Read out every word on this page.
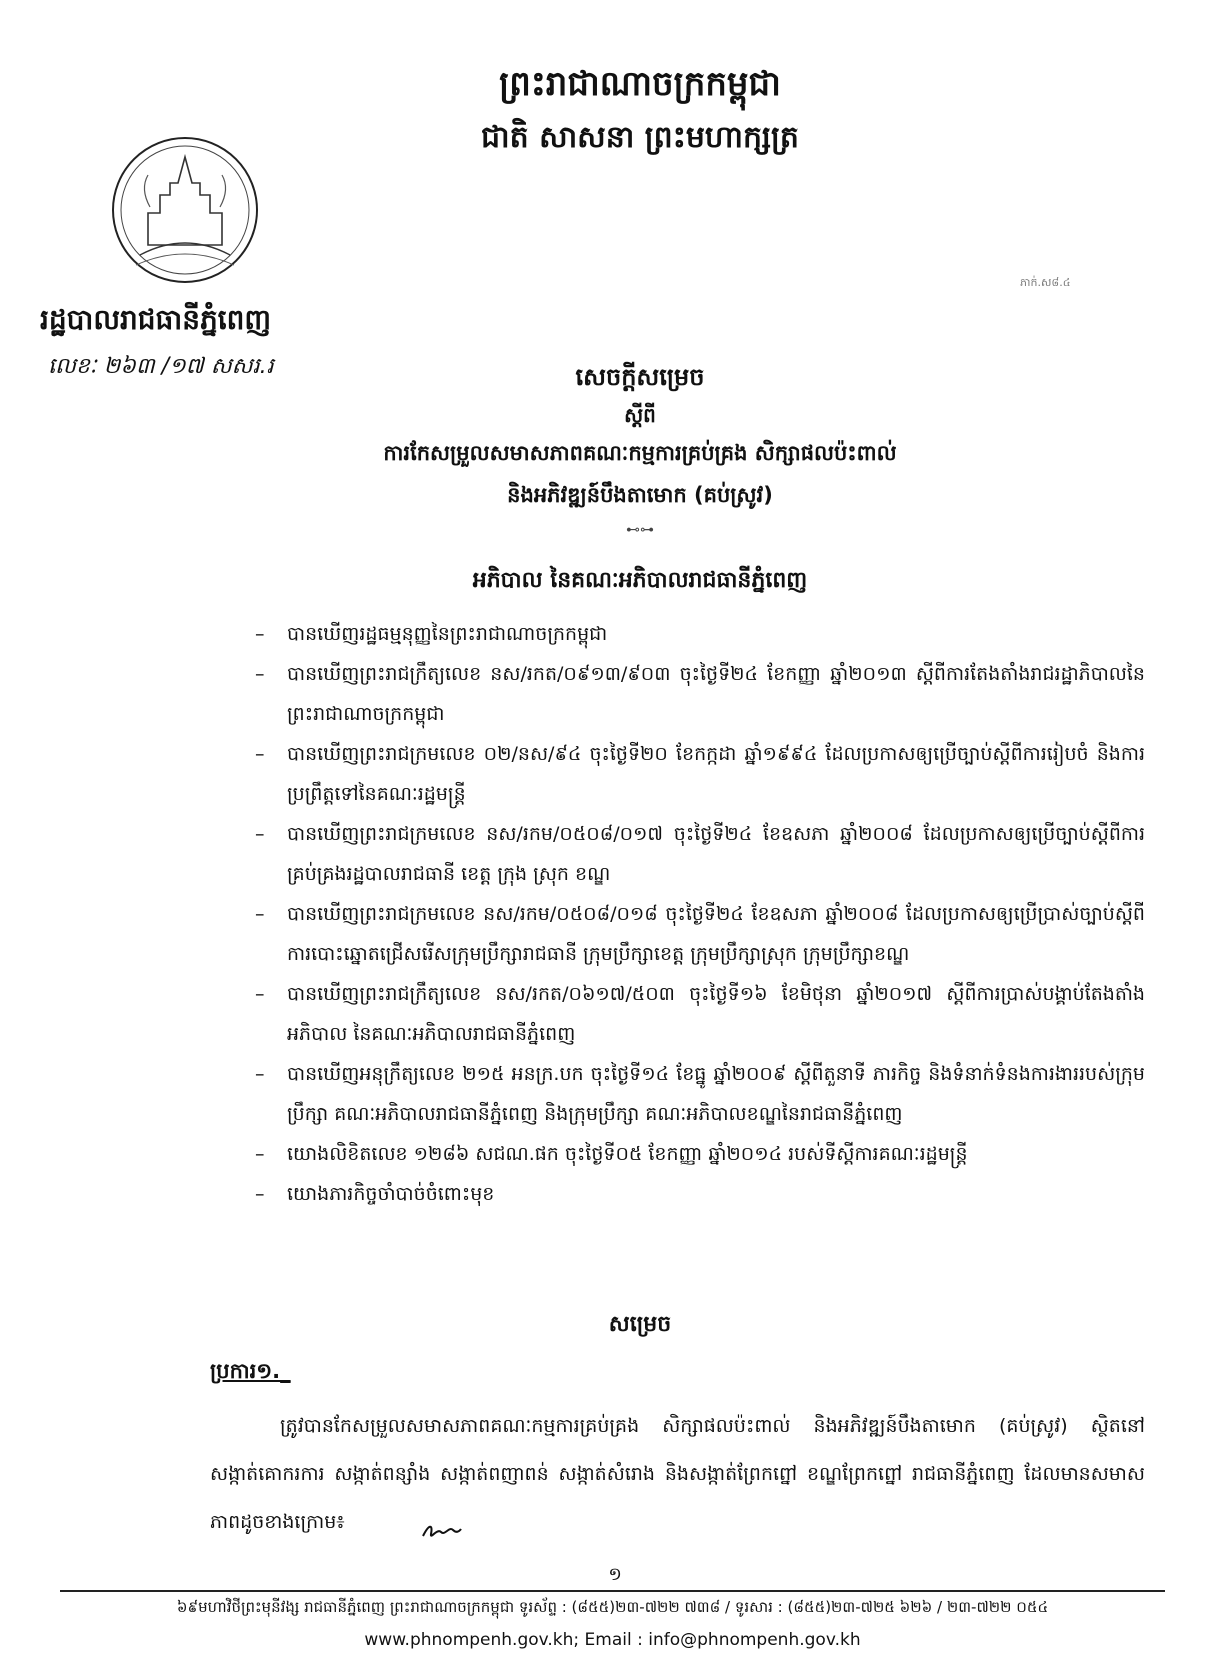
ព្រះរាជាណាចក្រកម្ពុជា
ជាតិ សាសនា ព្រះមហាក្សត្រ
ភាក់.ស៨.៤
រដ្ឋបាលរាជធានីភ្នំពេញ
លេខៈ ២៦៣ /១៧ សសរ.រ	សេចក្តីសម្រេច
ស្តីពី
ការកែសម្រួលសមាសភាពគណៈកម្មការគ្រប់គ្រង សិក្សាផលប៉ះពាល់
និងអភិវឌ្ឍន៍បឹងតាមោក (គប់ស្រូវ)
⊷⊶
អភិបាល នៃគណៈអភិបាលរាជធានីភ្នំពេញ
– បានឃើញរដ្ឋធម្មនុញ្ញនៃព្រះរាជាណាចក្រកម្ពុជា
– បានឃើញព្រះរាជក្រឹត្យលេខ នស/រកត/០៩១៣/៩០៣ ចុះថ្ងៃទី២៤ ខែកញ្ញា ឆ្នាំ២០១៣ ស្តីពីការតែងតាំងរាជរដ្ឋាភិបាលនៃព្រះរាជាណាចក្រកម្ពុជា
– បានឃើញព្រះរាជក្រមលេខ ០២/នស/៩៤ ចុះថ្ងៃទី២០ ខែកក្កដា ឆ្នាំ១៩៩៤ ដែលប្រកាសឲ្យប្រើច្បាប់ស្តីពីការរៀបចំ និងការប្រព្រឹត្តទៅនៃគណៈរដ្ឋមន្ត្រី
– បានឃើញព្រះរាជក្រមលេខ នស/រកម/០៥០៨/០១៧ ចុះថ្ងៃទី២៤ ខែឧសភា ឆ្នាំ២០០៨ ដែលប្រកាសឲ្យប្រើច្បាប់ស្តីពីការគ្រប់គ្រងរដ្ឋបាលរាជធានី ខេត្ត ក្រុង ស្រុក ខណ្ឌ
– បានឃើញព្រះរាជក្រមលេខ នស/រកម/០៥០៨/០១៨ ចុះថ្ងៃទី២៤ ខែឧសភា ឆ្នាំ២០០៨ ដែលប្រកាសឲ្យប្រើប្រាស់ច្បាប់ស្តីពីការបោះឆ្នោតជ្រើសរើសក្រុមប្រឹក្សារាជធានី ក្រុមប្រឹក្សាខេត្ត ក្រុមប្រឹក្សាស្រុក ក្រុមប្រឹក្សាខណ្ឌ
– បានឃើញព្រះរាជក្រឹត្យលេខ នស/រកត/០៦១៧/៥០៣ ចុះថ្ងៃទី១៦ ខែមិថុនា ឆ្នាំ២០១៧ ស្តីពីការប្រាស់បង្គាប់តែងតាំងអភិបាល នៃគណៈអភិបាលរាជធានីភ្នំពេញ
– បានឃើញអនុក្រឹត្យលេខ ២១៥ អនក្រ.បក ចុះថ្ងៃទី១៤ ខែធ្នូ ឆ្នាំ២០០៩ ស្តីពីតួនាទី ភារកិច្ច និងទំនាក់ទំនងការងាររបស់ក្រុមប្រឹក្សា គណៈអភិបាលរាជធានីភ្នំពេញ និងក្រុមប្រឹក្សា គណៈអភិបាលខណ្ឌនៃរាជធានីភ្នំពេញ
– យោងលិខិតលេខ ១២៨៦ សជណ.ផក ចុះថ្ងៃទី០៥ ខែកញ្ញា ឆ្នាំ២០១៤ របស់ទីស្តីការគណៈរដ្ឋមន្ត្រី
– យោងភារកិច្ចចាំបាច់ចំពោះមុខ
សម្រេច
ប្រការ១._
ត្រូវបានកែសម្រួលសមាសភាពគណៈកម្មការគ្រប់គ្រង សិក្សាផលប៉ះពាល់ និងអភិវឌ្ឍន៍បឹងតាមោក (គប់ស្រូវ) ស្ថិតនៅសង្កាត់គោករការ សង្កាត់ពន្សាំង សង្កាត់ពញាពន់ សង្កាត់សំរោង និងសង្កាត់ព្រែកព្នៅ ខណ្ឌព្រែកព្នៅ រាជធានីភ្នំពេញ ដែលមានសមាសភាពដូចខាងក្រោម៖
១
៦៩មហាវិថីព្រះមុនីវង្ស រាជធានីភ្នំពេញ ព្រះរាជាណាចក្រកម្ពុជា ទូរស័ព្ទ : (៨៥៥)២៣-៧២២ ៧៣៨ / ទូរសារ : (៨៥៥)២៣-៧២៥ ៦២៦ / ២៣-៧២២ ០៥៤
www.phnompenh.gov.kh; Email : info@phnompenh.gov.kh
